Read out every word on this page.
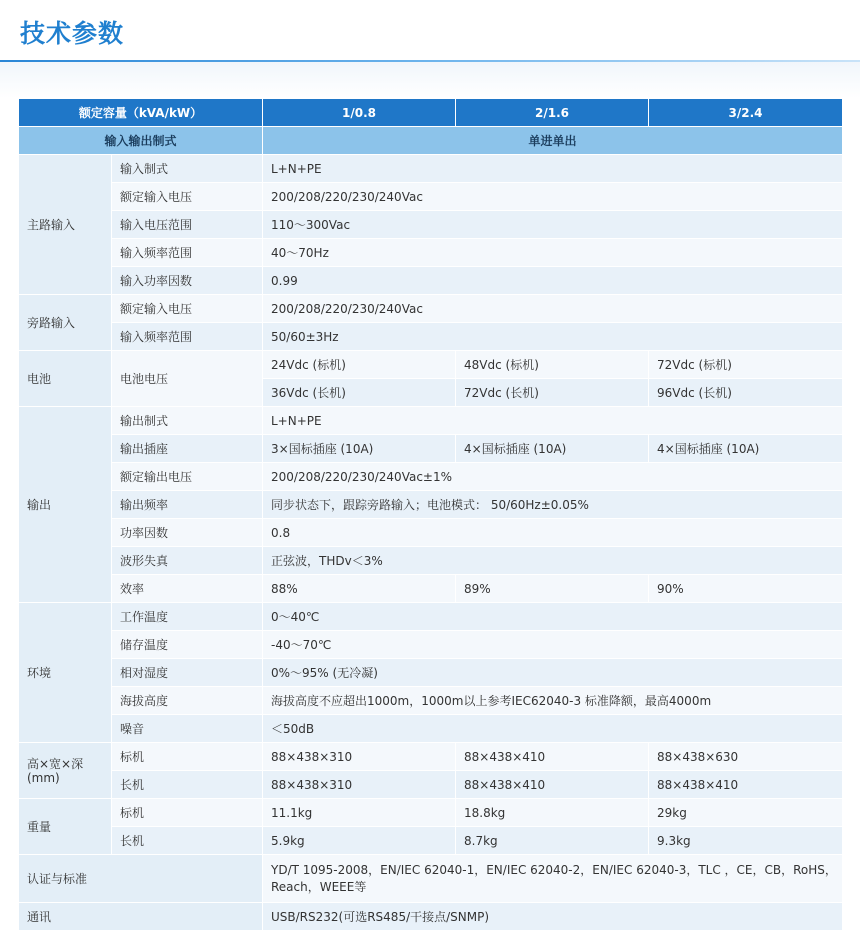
技术参数
额定容量（kVA/kW）		1/0.8	2/1.6	3/2.4
输入输出制式		单进单出		
主路输入	输入制式	L+N+PE		
	额定输入电压	200/208/220/230/240Vac		
	输入电压范围	110～300Vac		
	输入频率范围	40～70Hz		
	输入功率因数	0.99		
旁路输入	额定输入电压	200/208/220/230/240Vac		
	输入频率范围	50/60±3Hz		
电池	电池电压	24Vdc (标机)	48Vdc (标机)	72Vdc (标机)
		36Vdc (长机)	72Vdc (长机)	96Vdc (长机)
输出	输出制式	L+N+PE		
	输出插座	3×国标插座 (10A)	4×国标插座 (10A)	4×国标插座 (10A)
	额定输出电压	200/208/220/230/240Vac±1%		
	输出频率	同步状态下，跟踪旁路输入；电池模式： 50/60Hz±0.05%		
	功率因数	0.8		
	波形失真	正弦波，THDv＜3%		
	效率	88%	89%	90%
环境	工作温度	0～40℃		
	储存温度	-40～70℃		
	相对湿度	0%～95% (无冷凝)		
	海拔高度	海拔高度不应超出1000m，1000m以上参考IEC62040-3 标准降额，最高4000m		
	噪音	＜50dB		

高×宽×深
(mm)	标机	88×438×310	88×438×410	88×438×630
	长机	88×438×310	88×438×410	88×438×410
重量	标机	11.1kg	18.8kg	29kg
	长机	5.9kg	8.7kg	9.3kg
认证与标准		YD/T 1095-2008，EN/IEC 62040-1，EN/IEC 62040-2，EN/IEC 62040-3，TLC ，CE，CB，RoHS，Reach，WEEE等		
通讯		USB/RS232(可选RS485/干接点/SNMP)		
